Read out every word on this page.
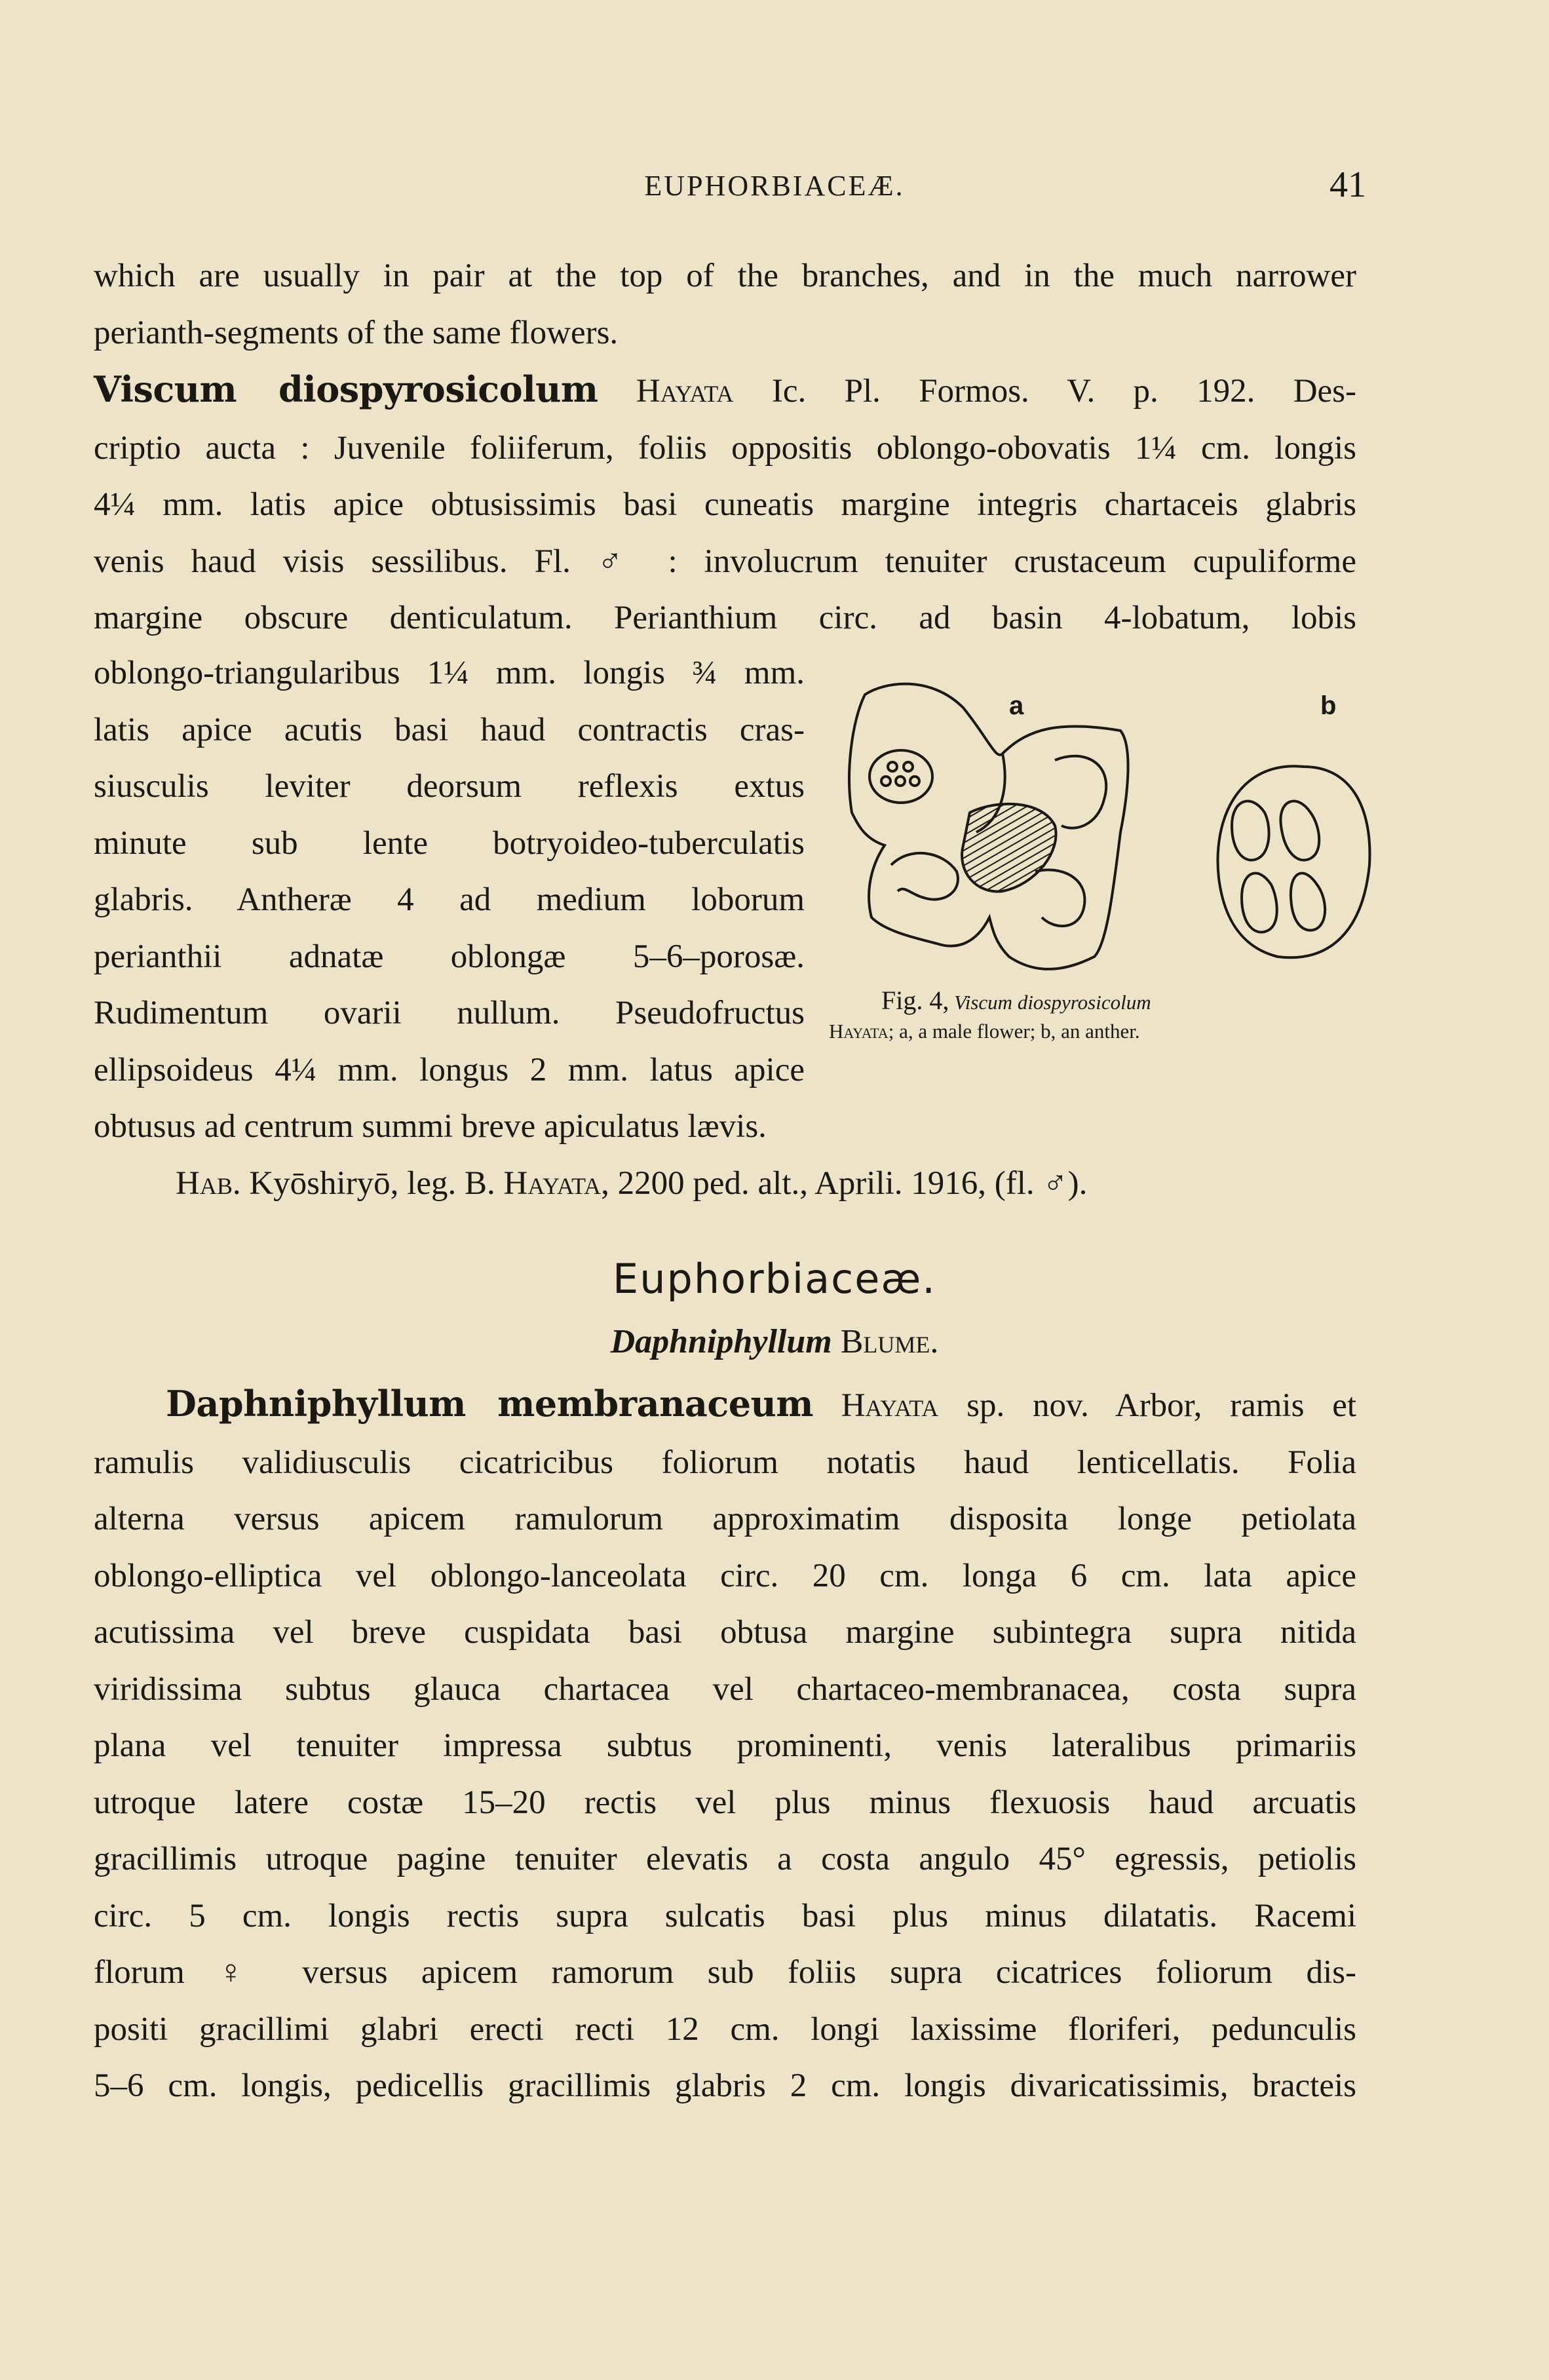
EUPHORBIACEÆ.	41
which are usually in pair at the top of the branches, and in the much narrower
perianth-segments of the same flowers.
Viscum diospyrosicolum Hayata Ic. Pl. Formos. V. p. 192. Des-
criptio aucta : Juvenile foliiferum, foliis oppositis oblongo-obovatis 1¼ cm. longis
4¼ mm. latis apice obtusissimis basi cuneatis margine integris chartaceis glabris
venis haud visis sessilibus. Fl. ♂ : involucrum tenuiter crustaceum cupuliforme
margine obscure denticulatum. Perianthium circ. ad basin 4-lobatum, lobis
oblongo-triangularibus 1¼ mm. longis ¾ mm.
latis apice acutis basi haud contractis cras-
siusculis leviter deorsum reflexis extus
minute sub lente botryoideo-tuberculatis
glabris. Antheræ 4 ad medium loborum
perianthii adnatæ oblongæ 5–6–porosæ.
Rudimentum ovarii nullum. Pseudofructus
ellipsoideus 4¼ mm. longus 2 mm. latus apice
obtusus ad centrum summi breve apiculatus lævis.
Hab. Kyōshiryō, leg. B. Hayata, 2200 ped. alt., Aprili. 1916, (fl. ♂).
a	b
Fig. 4, Viscum diospyrosicolum
Hayata; a, a male flower; b, an anther.
Euphorbiaceæ.
Daphniphyllum Blume.
Daphniphyllum membranaceum Hayata sp. nov. Arbor, ramis et
ramulis validiusculis cicatricibus foliorum notatis haud lenticellatis. Folia
alterna versus apicem ramulorum approximatim disposita longe petiolata
oblongo-elliptica vel oblongo-lanceolata circ. 20 cm. longa 6 cm. lata apice
acutissima vel breve cuspidata basi obtusa margine subintegra supra nitida
viridissima subtus glauca chartacea vel chartaceo-membranacea, costa supra
plana vel tenuiter impressa subtus prominenti, venis lateralibus primariis
utroque latere costæ 15–20 rectis vel plus minus flexuosis haud arcuatis
gracillimis utroque pagine tenuiter elevatis a costa angulo 45° egressis, petiolis
circ. 5 cm. longis rectis supra sulcatis basi plus minus dilatatis. Racemi
florum ♀ versus apicem ramorum sub foliis supra cicatrices foliorum dis-
positi gracillimi glabri erecti recti 12 cm. longi laxissime floriferi, pedunculis
5–6 cm. longis, pedicellis gracillimis glabris 2 cm. longis divaricatissimis, bracteis
